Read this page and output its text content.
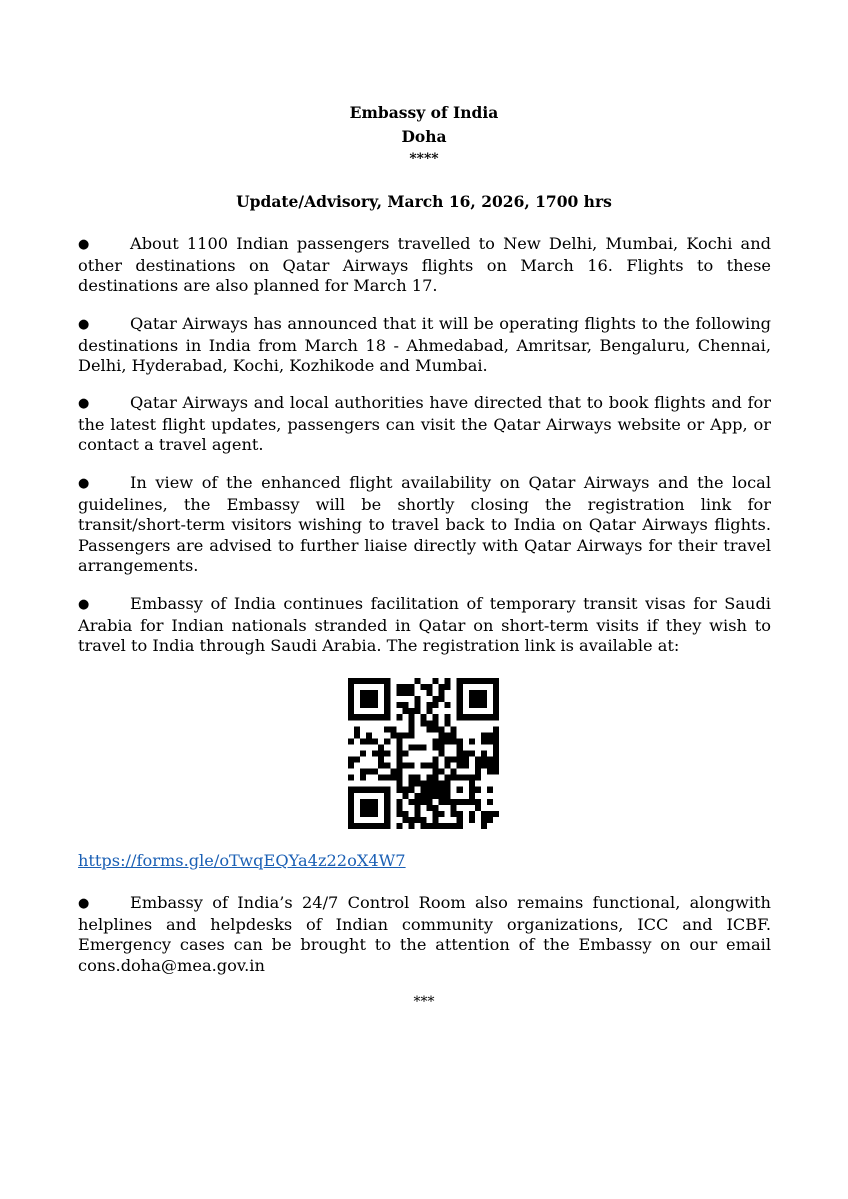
Embassy of India
Doha
****
Update/Advisory, March 16, 2026, 1700 hrs

●	About 1100 Indian passengers travelled to New Delhi, Mumbai, Kochi and other destinations on Qatar Airways flights on March 16. Flights to these destinations are also planned for March 17.

●	Qatar Airways has announced that it will be operating flights to the following destinations in India from March 18 - Ahmedabad, Amritsar, Bengaluru, Chennai, Delhi, Hyderabad, Kochi, Kozhikode and Mumbai.

●	Qatar Airways and local authorities have directed that to book flights and for the latest flight updates, passengers can visit the Qatar Airways website or App, or contact a travel agent.

●	In view of the enhanced flight availability on Qatar Airways and the local guidelines, the Embassy will be shortly closing the registration link for transit/short-term visitors wishing to travel back to India on Qatar Airways flights. Passengers are advised to further liaise directly with Qatar Airways for their travel arrangements.

●	Embassy of India continues facilitation of temporary transit visas for Saudi Arabia for Indian nationals stranded in Qatar on short-term visits if they wish to travel to India through Saudi Arabia. The registration link is available at:

https://forms.gle/oTwqEQYa4z22oX4W7

●	Embassy of India’s 24/7 Control Room also remains functional, alongwith helplines and helpdesks of Indian community organizations, ICC and ICBF. Emergency cases can be brought to the attention of the Embassy on our email cons.doha@mea.gov.in

***
